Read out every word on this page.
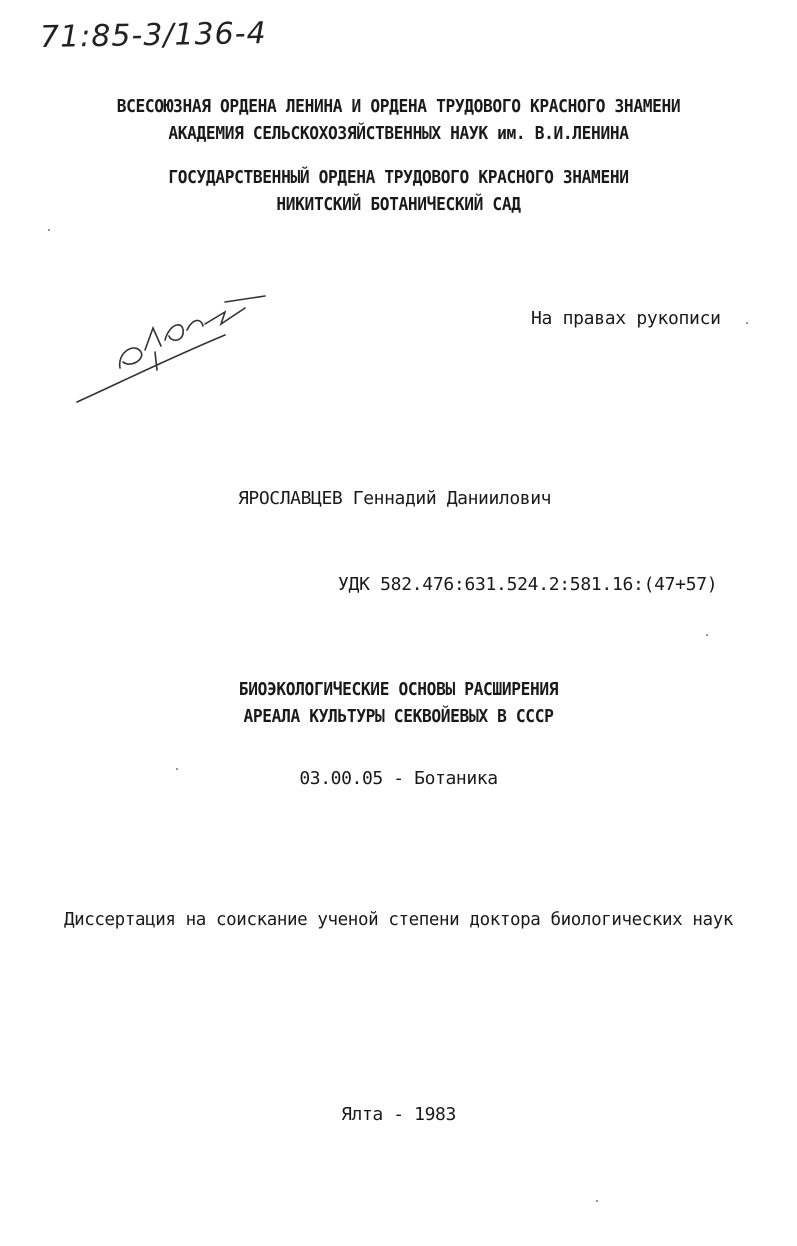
71:85-3/136-4
ВСЕСОЮЗНАЯ ОРДЕНА ЛЕНИНА И ОРДЕНА ТРУДОВОГО КРАСНОГО ЗНАМЕНИ
АКАДЕМИЯ СЕЛЬСКОХОЗЯЙСТВЕННЫХ НАУК им. В.И.ЛЕНИНА
ГОСУДАРСТВЕННЫЙ ОРДЕНА ТРУДОВОГО КРАСНОГО ЗНАМЕНИ
НИКИТСКИЙ БОТАНИЧЕСКИЙ САД
На правах рукописи
ЯРОСЛАВЦЕВ Геннадий Даниилович
УДК 582.476:631.524.2:581.16:(47+57)
БИОЭКОЛОГИЧЕСКИЕ ОСНОВЫ РАСШИРЕНИЯ
АРЕАЛА КУЛЬТУРЫ СЕКВОЙЕВЫХ В СССР
03.00.05 - Ботаника
Диссертация на соискание ученой степени доктора биологических наук
Ялта - 1983
